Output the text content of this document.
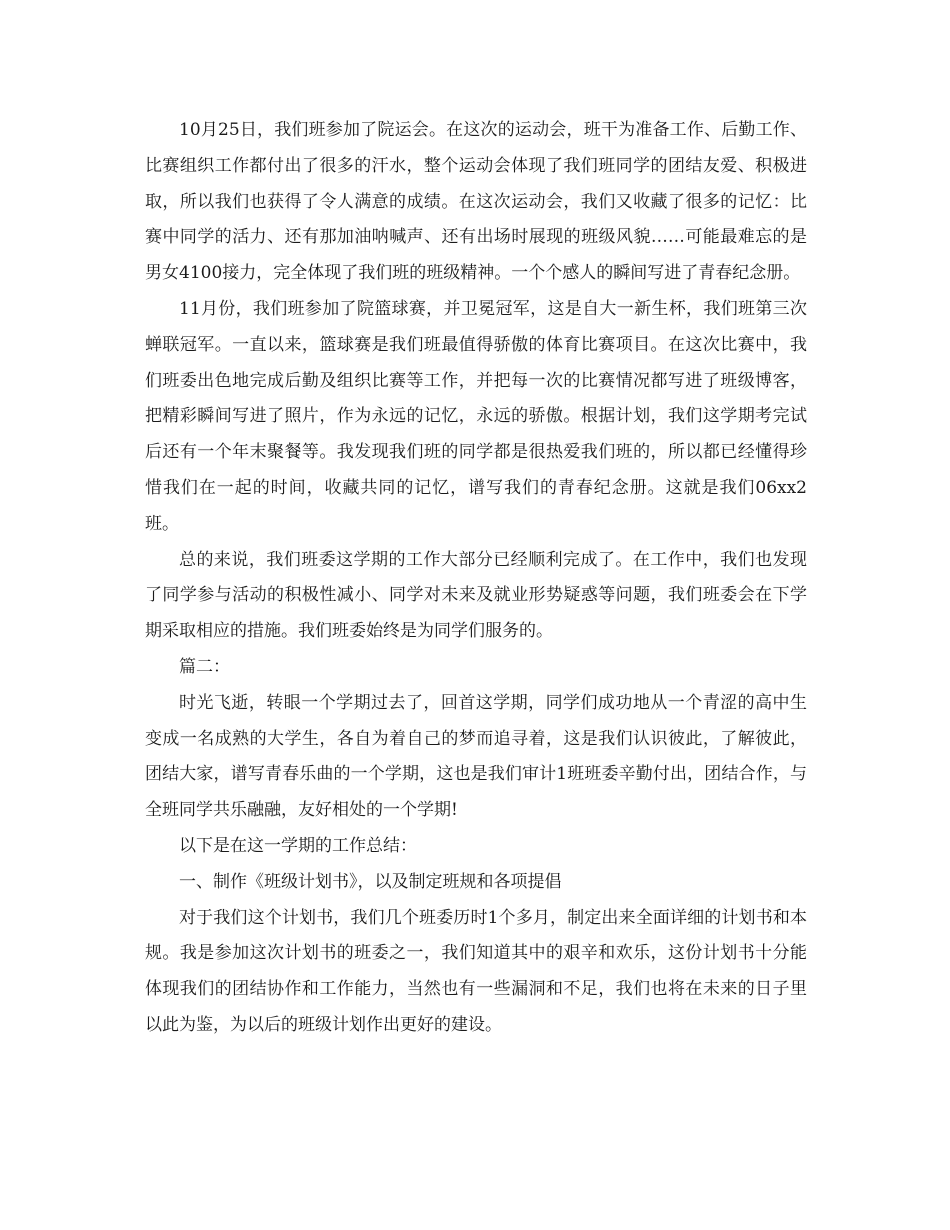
10月25日，我们班参加了院运会。在这次的运动会，班干为准备工作、后勤工作、比赛组织工作都付出了很多的汗水，整个运动会体现了我们班同学的团结友爱、积极进取，所以我们也获得了令人满意的成绩。在这次运动会，我们又收藏了很多的记忆：比赛中同学的活力、还有那加油呐喊声、还有出场时展现的班级风貌……可能最难忘的是男女4100接力，完全体现了我们班的班级精神。一个个感人的瞬间写进了青春纪念册。

11月份，我们班参加了院篮球赛，并卫冕冠军，这是自大一新生杯，我们班第三次蝉联冠军。一直以来，篮球赛是我们班最值得骄傲的体育比赛项目。在这次比赛中，我们班委出色地完成后勤及组织比赛等工作，并把每一次的比赛情况都写进了班级博客，把精彩瞬间写进了照片，作为永远的记忆，永远的骄傲。根据计划，我们这学期考完试后还有一个年末聚餐等。我发现我们班的同学都是很热爱我们班的，所以都已经懂得珍惜我们在一起的时间，收藏共同的记忆，谱写我们的青春纪念册。这就是我们06xx2班。

总的来说，我们班委这学期的工作大部分已经顺利完成了。在工作中，我们也发现了同学参与活动的积极性减小、同学对未来及就业形势疑惑等问题，我们班委会在下学期采取相应的措施。我们班委始终是为同学们服务的。

篇二：

时光飞逝，转眼一个学期过去了，回首这学期，同学们成功地从一个青涩的高中生变成一名成熟的大学生，各自为着自己的梦而追寻着，这是我们认识彼此，了解彼此，团结大家，谱写青春乐曲的一个学期，这也是我们审计1班班委辛勤付出，团结合作，与全班同学共乐融融，友好相处的一个学期!

以下是在这一学期的工作总结：

一、制作《班级计划书》，以及制定班规和各项提倡

对于我们这个计划书，我们几个班委历时1个多月，制定出来全面详细的计划书和本规。我是参加这次计划书的班委之一，我们知道其中的艰辛和欢乐，这份计划书十分能体现我们的团结协作和工作能力，当然也有一些漏洞和不足，我们也将在未来的日子里以此为鉴，为以后的班级计划作出更好的建设。
